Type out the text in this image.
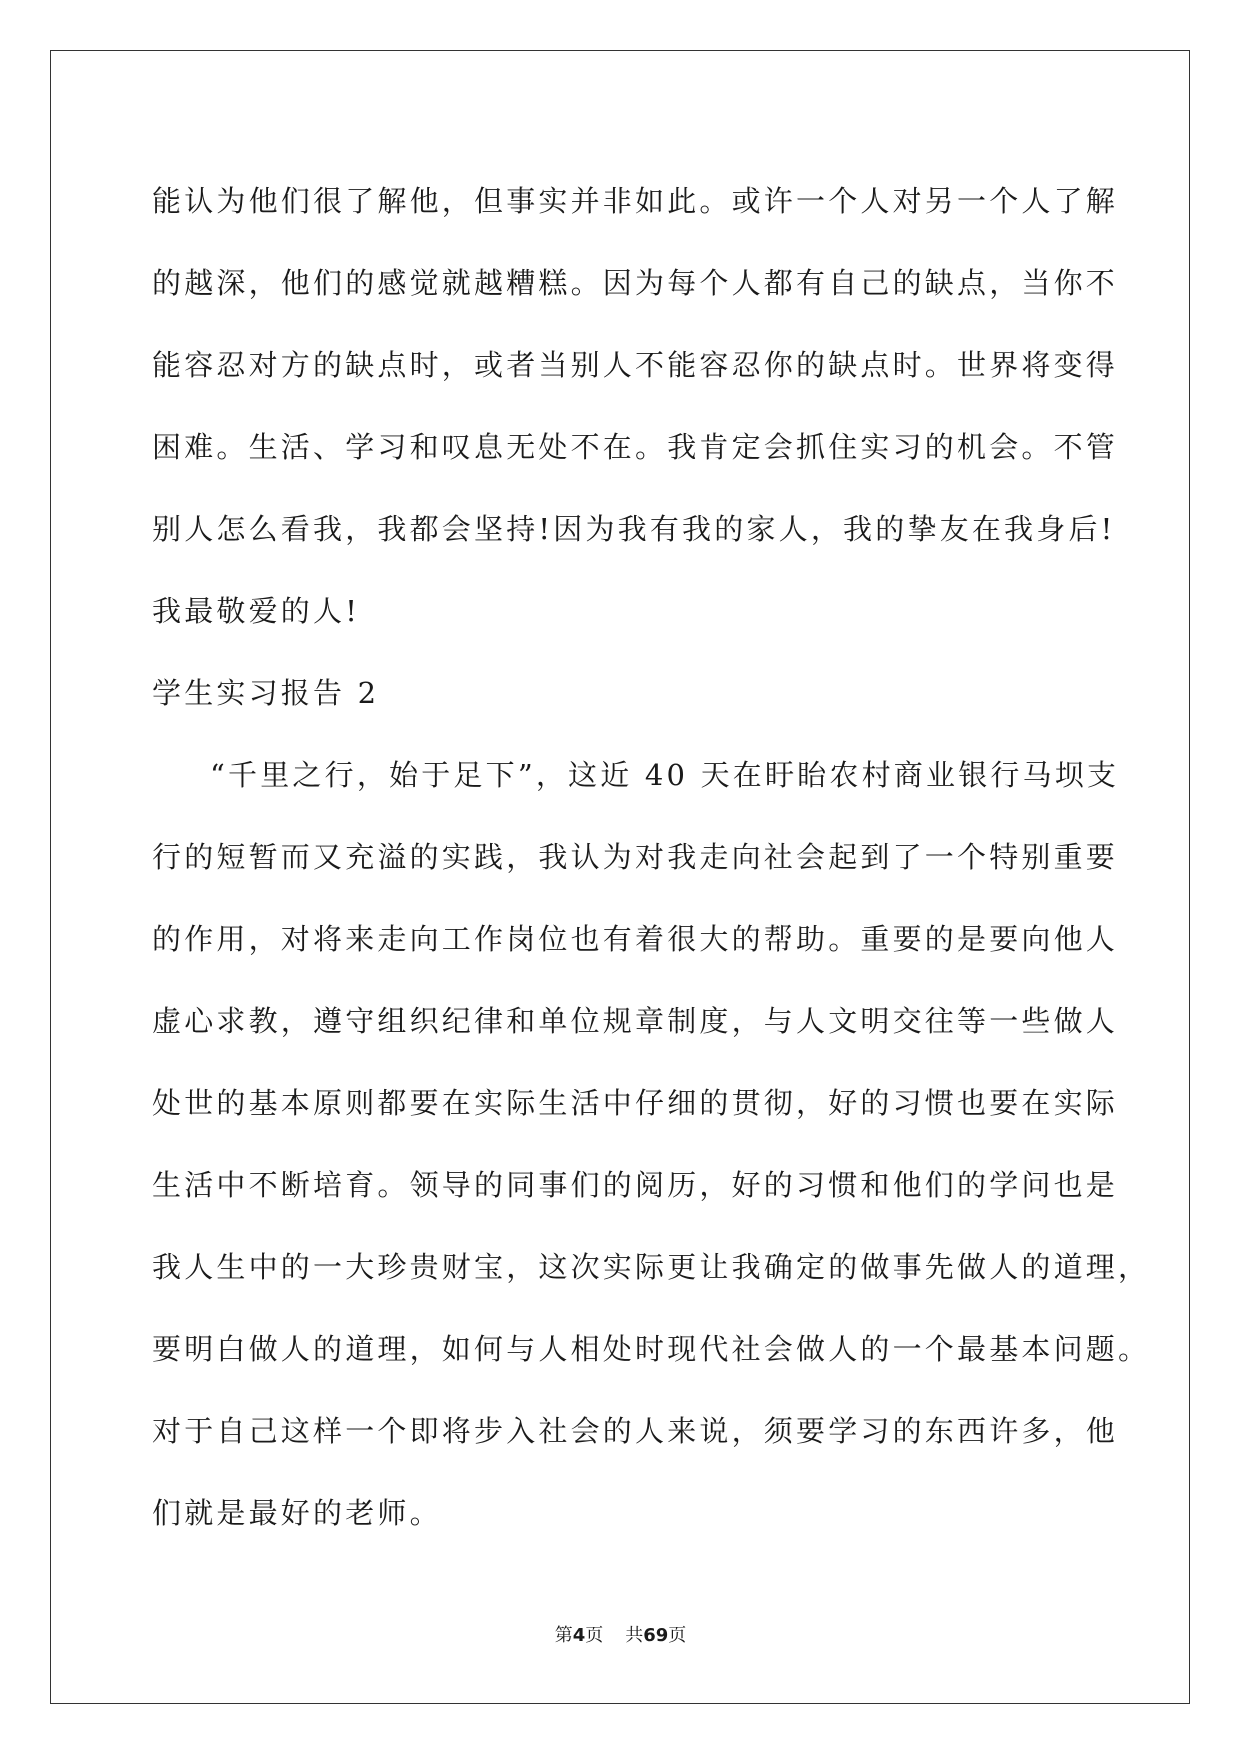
能认为他们很了解他，但事实并非如此。或许一个人对另一个人了解
的越深，他们的感觉就越糟糕。因为每个人都有自己的缺点，当你不
能容忍对方的缺点时，或者当别人不能容忍你的缺点时。世界将变得
困难。生活、学习和叹息无处不在。我肯定会抓住实习的机会。不管
别人怎么看我，我都会坚持!因为我有我的家人，我的挚友在我身后!
我最敬爱的人!
学生实习报告 2
“千里之行，始于足下”，这近 40 天在盱眙农村商业银行马坝支
行的短暂而又充溢的实践，我认为对我走向社会起到了一个特别重要
的作用，对将来走向工作岗位也有着很大的帮助。重要的是要向他人
虚心求教，遵守组织纪律和单位规章制度，与人文明交往等一些做人
处世的基本原则都要在实际生活中仔细的贯彻，好的习惯也要在实际
生活中不断培育。领导的同事们的阅历，好的习惯和他们的学问也是
我人生中的一大珍贵财宝，这次实际更让我确定的做事先做人的道理，
要明白做人的道理，如何与人相处时现代社会做人的一个最基本问题。
对于自己这样一个即将步入社会的人来说，须要学习的东西许多，他
们就是最好的老师。
第4页 共69页
